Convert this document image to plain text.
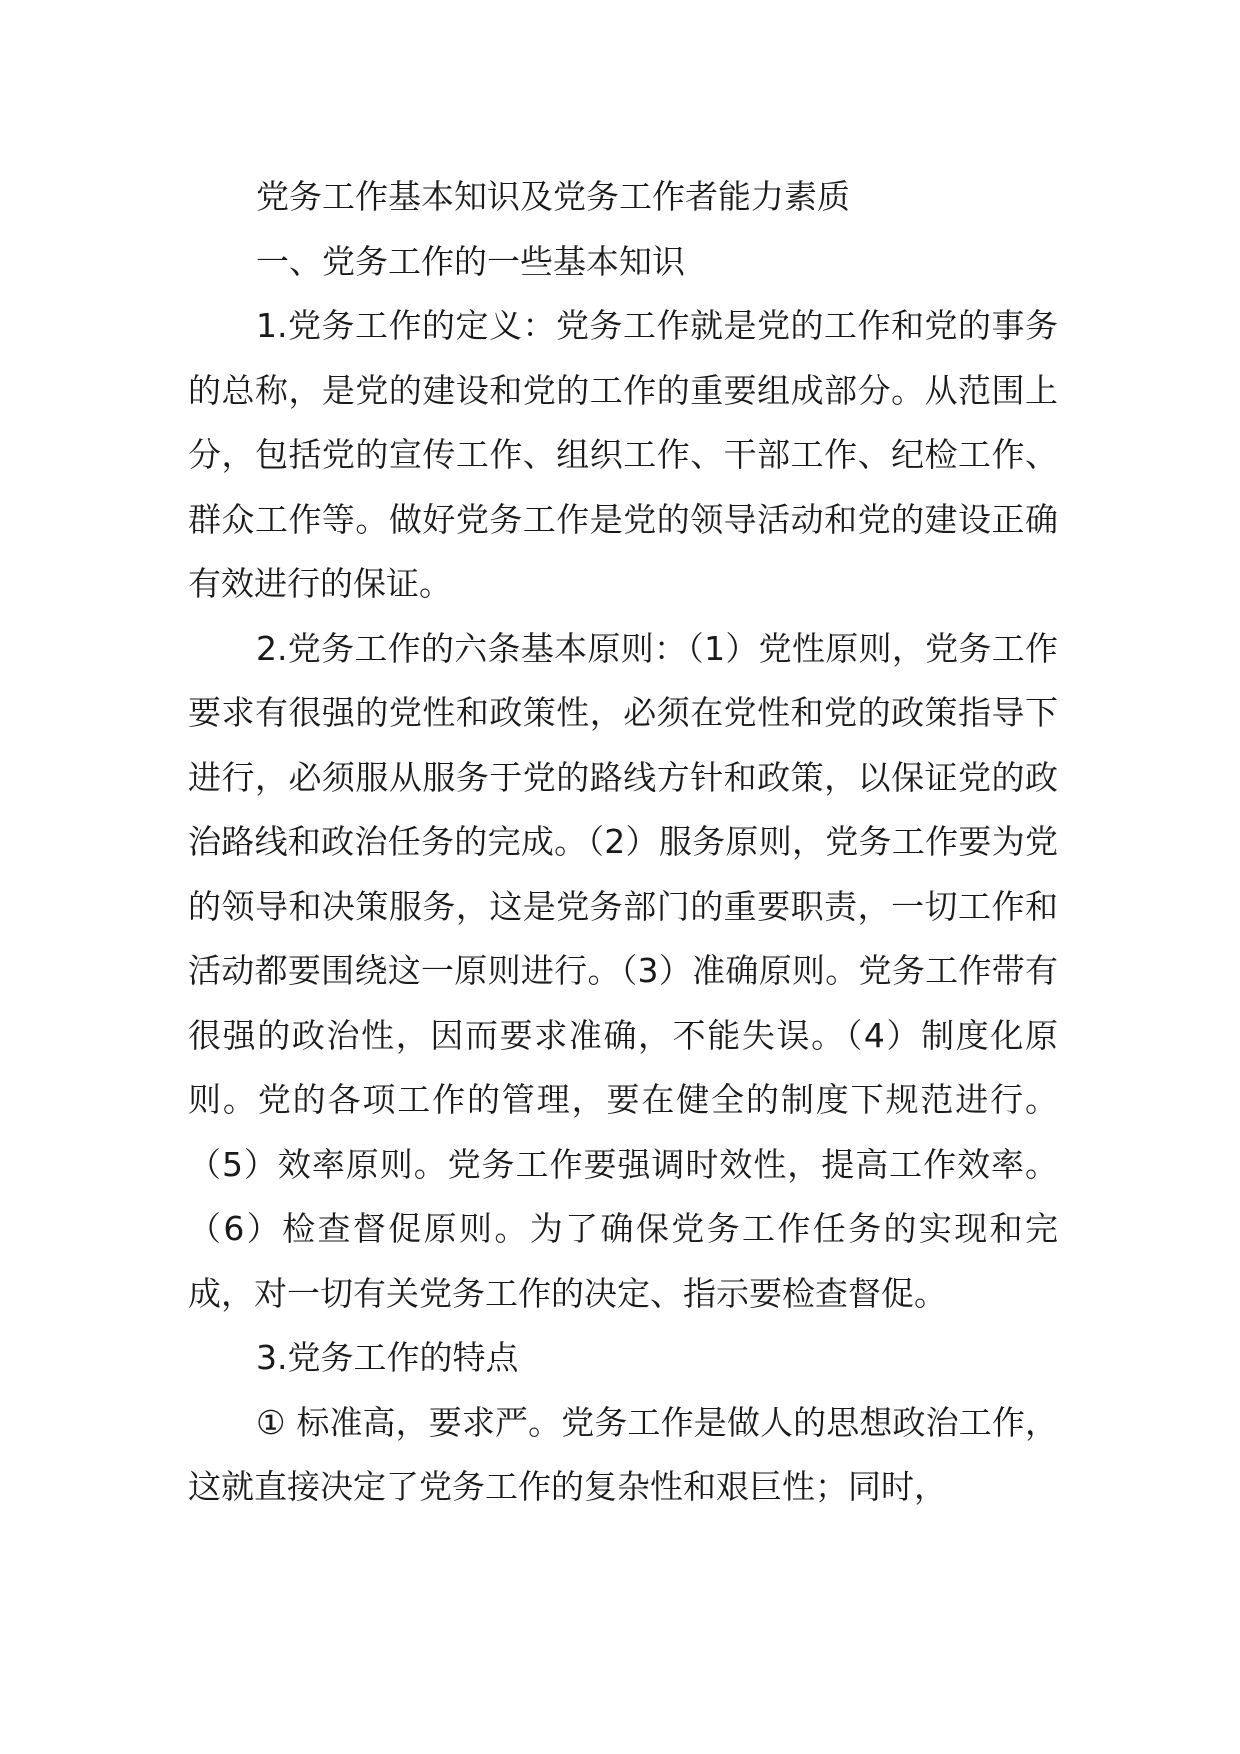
党务工作基本知识及党务工作者能力素质

一、党务工作的一些基本知识

1.党务工作的定义：党务工作就是党的工作和党的事务的总称，是党的建设和党的工作的重要组成部分。从范围上分，包括党的宣传工作、组织工作、干部工作、纪检工作、群众工作等。做好党务工作是党的领导活动和党的建设正确有效进行的保证。

2.党务工作的六条基本原则：（1）党性原则，党务工作要求有很强的党性和政策性，必须在党性和党的政策指导下进行，必须服从服务于党的路线方针和政策，以保证党的政治路线和政治任务的完成。（2）服务原则，党务工作要为党的领导和决策服务，这是党务部门的重要职责，一切工作和活动都要围绕这一原则进行。（3）准确原则。党务工作带有很强的政治性，因而要求准确，不能失误。（4）制度化原则。党的各项工作的管理，要在健全的制度下规范进行。（5）效率原则。党务工作要强调时效性，提高工作效率。（6）检查督促原则。为了确保党务工作任务的实现和完成，对一切有关党务工作的决定、指示要检查督促。

3.党务工作的特点

① 标准高，要求严。党务工作是做人的思想政治工作，这就直接决定了党务工作的复杂性和艰巨性；同时，
